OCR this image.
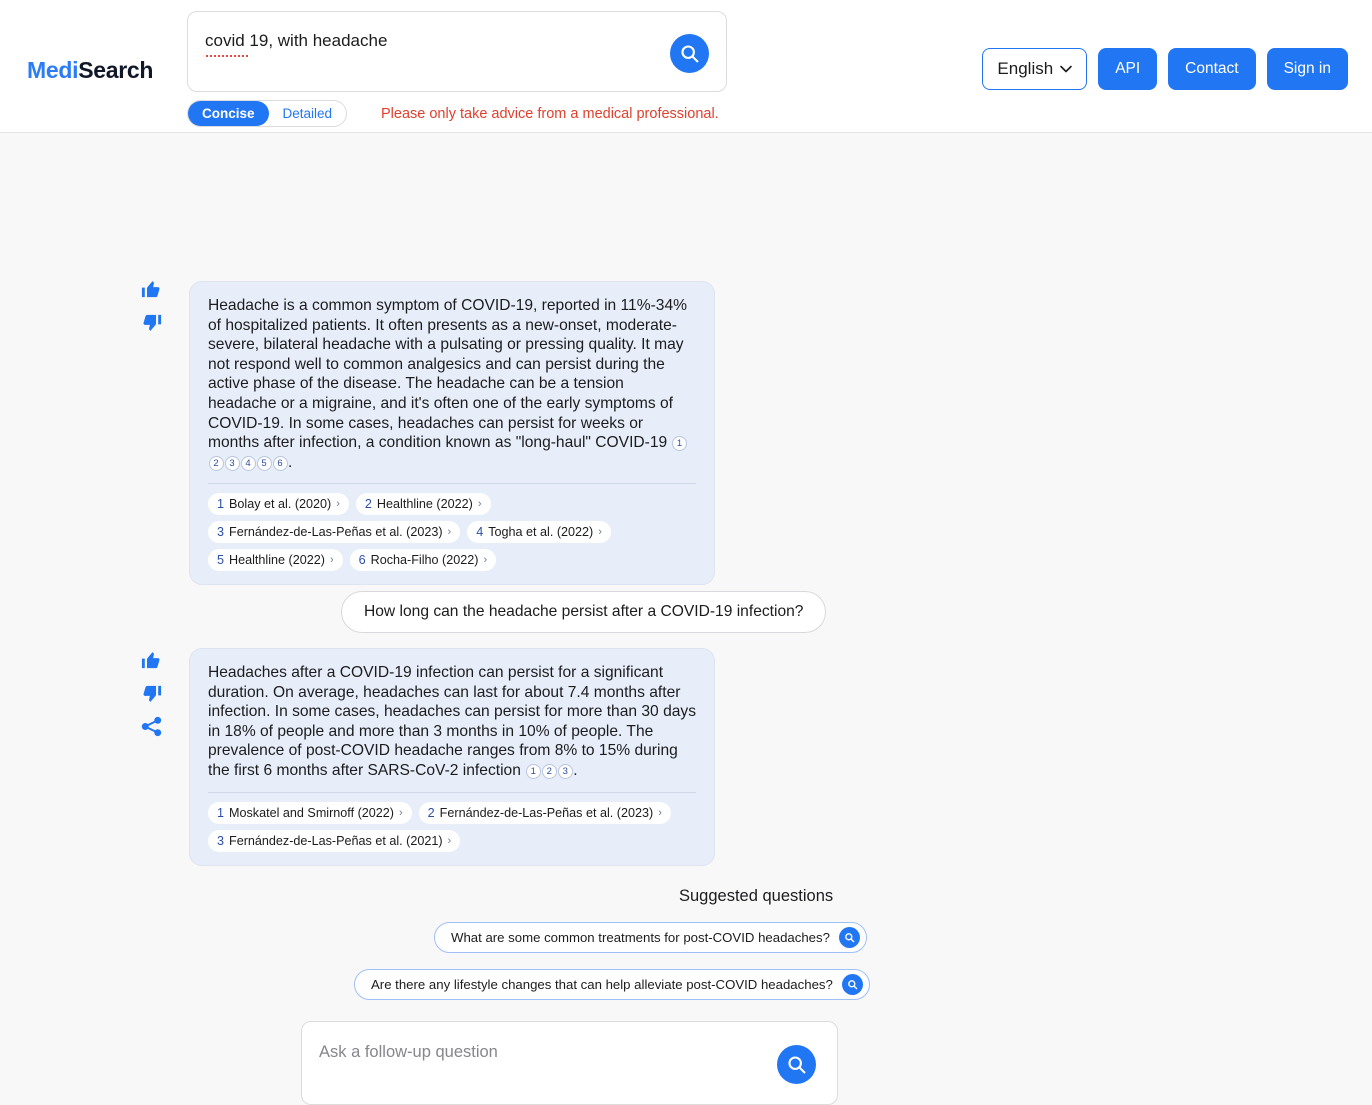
MediSearch
covid 19, with headache
Concise	Detailed	Please only take advice from a medical professional.
English	API	Contact	Sign in

Headache is a common symptom of COVID-19, reported in 11%-34% of hospitalized patients. It often presents as a new-onset, moderate-severe, bilateral headache with a pulsating or pressing quality. It may not respond well to common analgesics and can persist during the active phase of the disease. The headache can be a tension headache or a migraine, and it's often one of the early symptoms of COVID-19. In some cases, headaches can persist for weeks or months after infection, a condition known as "long-haul" COVID-19 12 3 4 5 6 .

1 Bolay et al. (2020) › 2 Healthline (2022) ›
3 Fernández-de-Las-Peñas et al. (2023) › 4 Togha et al. (2022) ›
5 Healthline (2022) › 6 Rocha-Filho (2022) ›
How long can the headache persist after a COVID-19 infection?

Headaches after a COVID-19 infection can persist for a significant duration. On average, headaches can last for about 7.4 months after infection. In some cases, headaches can persist for more than 30 days in 18% of people and more than 3 months in 10% of people. The prevalence of post-COVID headache ranges from 8% to 15% during the first 6 months after SARS-CoV-2 infection 1 2 3 .

1 Moskatel and Smirnoff (2022) › 2 Fernández-de-Las-Peñas et al. (2023) ›
3 Fernández-de-Las-Peñas et al. (2021) ›
Suggested questions
What are some common treatments for post-COVID headaches?
Are there any lifestyle changes that can help alleviate post-COVID headaches?
Ask a follow-up question
